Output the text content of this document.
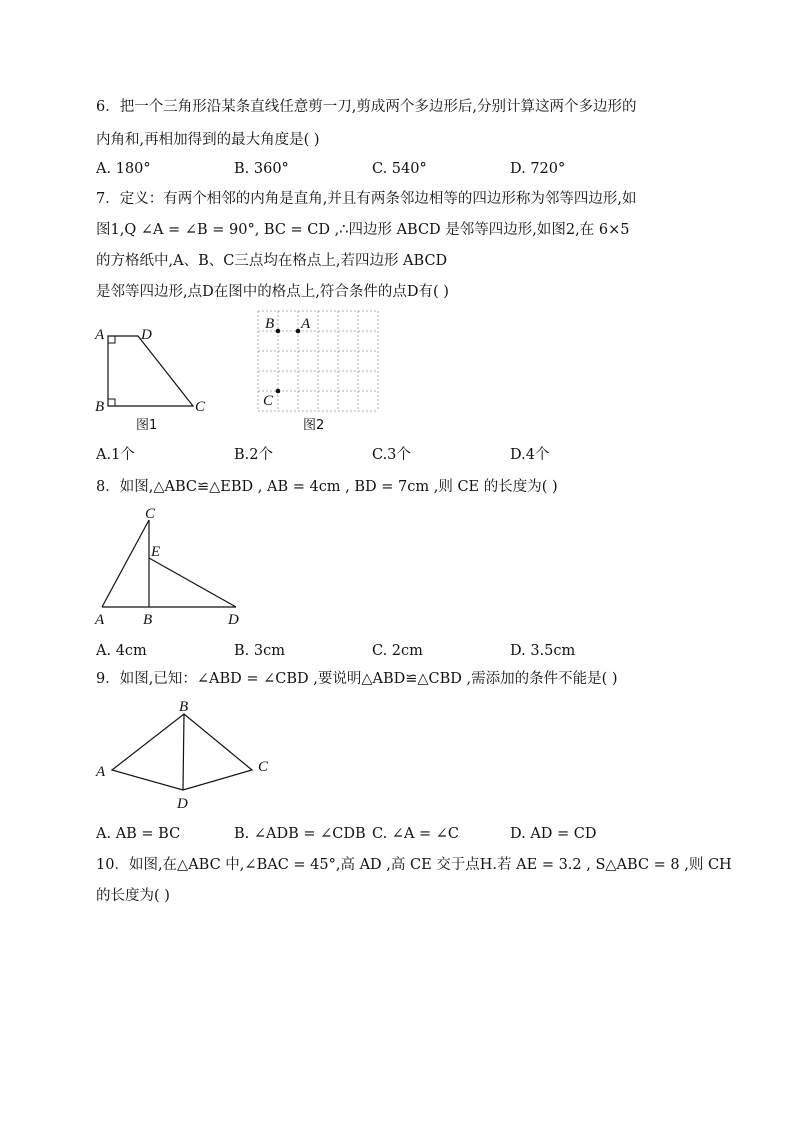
6．把一个三角形沿某条直线任意剪一刀,剪成两个多边形后,分别计算这两个多边形的
内角和,再相加得到的最大角度是( )
A. 180°	B. 360°	C. 540°	D. 720°
7．定义：有两个相邻的内角是直角,并且有两条邻边相等的四边形称为邻等四边形,如
图1,Q ∠A = ∠B = 90°, BC = CD ,∴四边形 ABCD 是邻等四边形,如图2,在 6×5
的方格纸中,A、B、C三点均在格点上,若四边形 ABCD
是邻等四边形,点D在图中的格点上,符合条件的点D有( )
A D
B	C
图1
B A
C
图2
A.1个	B.2个	C.3个	D.4个
8．如图,△ABC≌△EBD , AB = 4cm , BD = 7cm ,则 CE 的长度为( )
C
E
A	B	D
A. 4cm	B. 3cm	C. 2cm	D. 3.5cm
9．如图,已知：∠ABD = ∠CBD ,要说明△ABD≌△CBD ,需添加的条件不能是( )
B
A	C
D
A. AB = BC	B. ∠ADB = ∠CDB C. ∠A = ∠C	D. AD = CD
10．如图,在△ABC 中,∠BAC = 45°,高 AD ,高 CE 交于点H.若 AE = 3.2 , S△ABC = 8 ,则 CH
的长度为( )
